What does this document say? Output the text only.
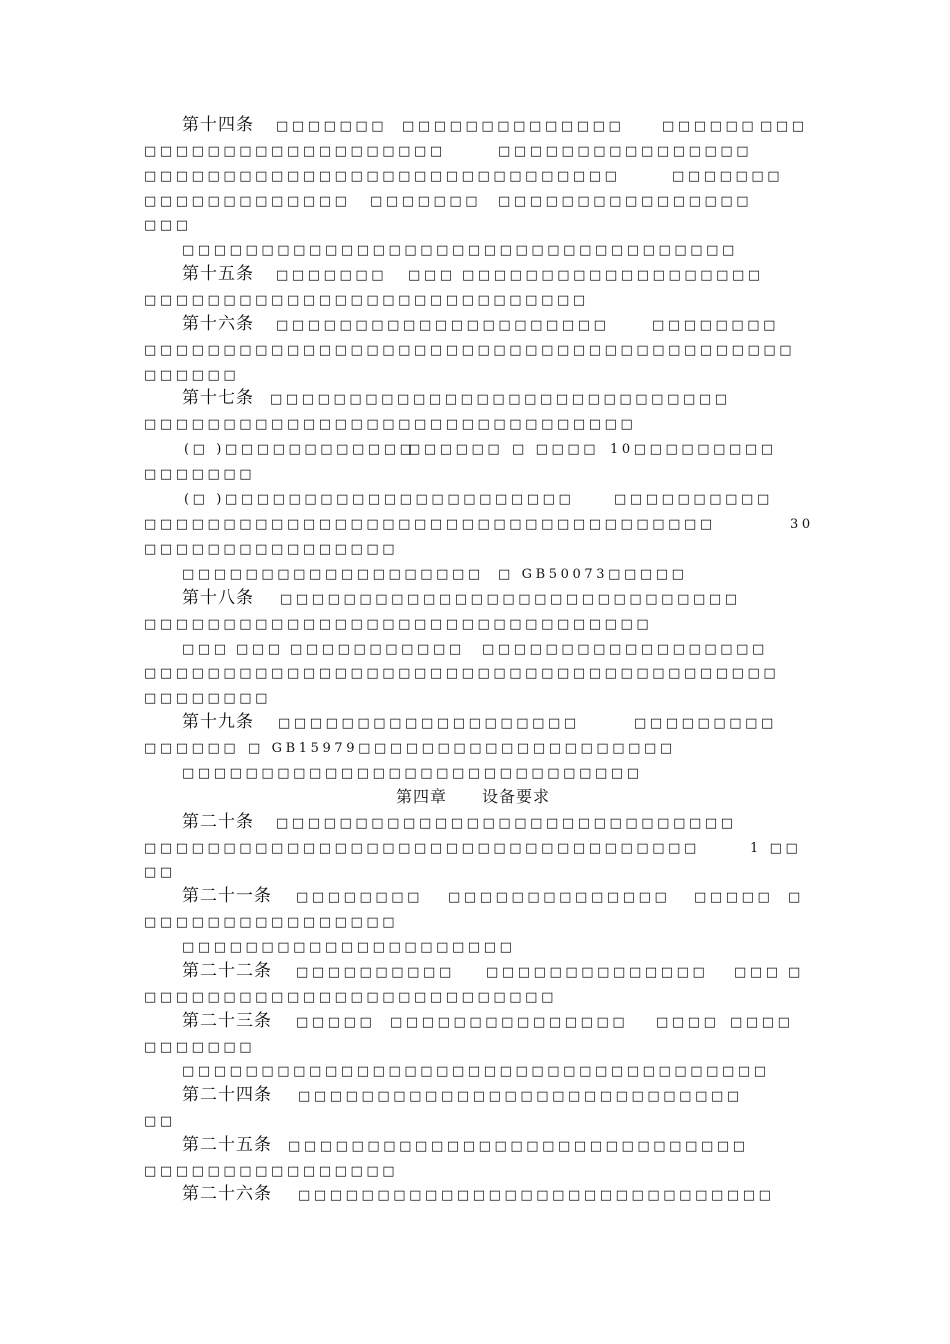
第十四条 □□□□□□□ □□□□□□□□□□□□□□	□□□□□□ □□□
□□□□□□□□□□□□□□□□□□□	□□□□□□□□□□□□□□□□
□□□□□□□□□□□□□□□□□□□□□□□□□□□□□□	□□□□□□□
□□□□□□□□□□□□□ □□□□□□□ □□□□□□□□□□□□□□□□
□□□
□□□□□□□□□□□□□□□□□□□□□□□□□□□□□□□□□□□
第十五条 □□□□□□□ □□□ □□□□□□□□□□□□□□□□□□□
□□□□□□□□□□□□□□□□□□□□□□□□□□□□
第十六条 □□□□□□□□□□□□□□□□□□□□□	□□□□□□□□
□□□□□□□□□□□□□□□□□□□□□□□□□□□□□□□□□□□□□□□□□
□□□□□□
第十七条 □□□□□□□□□□□□□□□□□□□□□□□□□□□□□
□□□□□□□□□□□□□□□□□□□□□□□□□□□□□□□
(□ )□□□□□□□□□□□□
□□□□□□ □ □□□□ 10□□□□□□□□□
□□□□□□□
(□ )□□□□□□□□□□□□□□□□□□□□□□	□□□□□□□□□□
□□□□□□□□□□□□□□□□□□□□□□□□□□□□□□□□□□□□	30
□□□□□□□□□□□□□□□□
□□□□□□□□□□□□□□□□□□□ □ GB50073□□□□□
第十八条 □□□□□□□□□□□□□□□□□□□□□□□□□□□□□
□□□□□□□□□□□□□□□□□□□□□□□□□□□□□□□□
□□□ □□□ □□□□□□□□□□□ □□□□□□□□□□□□□□□□□□
□□□□□□□□□□□□□□□□□□□□□□□□□□□□□□□□□□□□□□□□
□□□□□□□□
第十九条 □□□□□□□□□□□□□□□□□□□	□□□□□□□□□
□□□□□□ □ GB15979□□□□□□□□□□□□□□□□□□□□
□□□□□□□□□□□□□□□□□□□□□□□□□□□□□
第四章 设备要求
第二十条 □□□□□□□□□□□□□□□□□□□□□□□□□□□□□
□□□□□□□□□□□□□□□□□□□□□□□□□□□□□□□□□□□	1 □□
□□
第二十一条 □□□□□□□□ □□□□□□□□□□□□□□ □□□□□ □
□□□□□□□□□□□□□□□□
□□□□□□□□□□□□□□□□□□□□□
第二十二条 □□□□□□□□□□ □□□□□□□□□□□□□□ □□□ □
□□□□□□□□□□□□□□□□□□□□□□□□□□
第二十三条 □□□□□ □□□□□□□□□□□□□□□ □□□□ □□□□
□□□□□□□
□□□□□□□□□□□□□□□□□□□□□□□□□□□□□□□□□□□□□
第二十四条 □□□□□□□□□□□□□□□□□□□□□□□□□□□□
□□
第二十五条 □□□□□□□□□□□□□□□□□□□□□□□□□□□□□
□□□□□□□□□□□□□□□□
第二十六条 □□□□□□□□□□□□□□□□□□□□□□□□□□□□□□
